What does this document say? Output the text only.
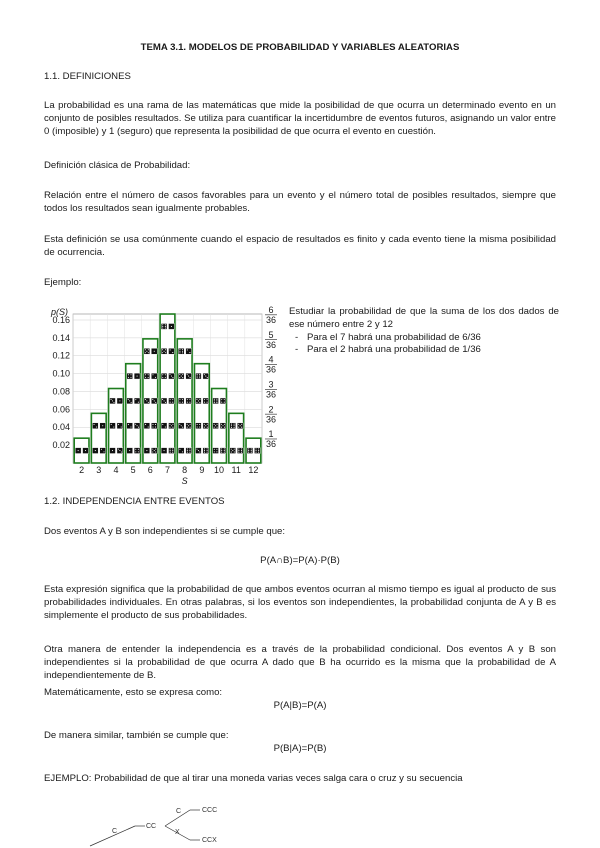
TEMA 3.1. MODELOS DE PROBABILIDAD Y VARIABLES ALEATORIAS
1.1. DEFINICIONES
La probabilidad es una rama de las matemáticas que mide la posibilidad de que ocurra un determinado evento en un conjunto de posibles resultados. Se utiliza para cuantificar la incertidumbre de eventos futuros, asignando un valor entre 0 (imposible) y 1 (seguro) que representa la posibilidad de que ocurra el evento en cuestión.
Definición clásica de Probabilidad:
Relación entre el número de casos favorables para un evento y el número total de posibles resultados, siempre que todos los resultados sean igualmente probables.
Esta definición se usa comúnmente cuando el espacio de resultados es finito y cada evento tiene la misma posibilidad de ocurrencia.
Ejemplo:
0.02
0.04
0.06
0.08
0.10
0.12
0.14
0.16
p(S)
2 3 4 5 6 7 8 9 10 11 12
S
6
36
5
36
4
36
3
36
2
36
1
36
Estudiar la probabilidad de que la suma de los dos dados de ese número entre 2 y 12
- Para el 7 habrá una probabilidad de 6/36
- Para el 2 habrá una probabilidad de 1/36
1.2. INDEPENDENCIA ENTRE EVENTOS
Dos eventos A y B son independientes si se cumple que:
P(A∩B)=P(A)·P(B)
Esta expresión significa que la probabilidad de que ambos eventos ocurran al mismo tiempo es igual al producto de sus probabilidades individuales. En otras palabras, si los eventos son independientes, la probabilidad conjunta de A y B es simplemente el producto de sus probabilidades.
Otra manera de entender la independencia es a través de la probabilidad condicional. Dos eventos A y B son independientes si la probabilidad de que ocurra A dado que B ha ocurrido es la misma que la probabilidad de A independientemente de B.
Matemáticamente, esto se expresa como:
P(A|B)=P(A)
De manera similar, también se cumple que:
P(B|A)=P(B)
EJEMPLO: Probabilidad de que al tirar una moneda varias veces salga cara o cruz y su secuencia
C	X
C
CC
CCC
CCX
